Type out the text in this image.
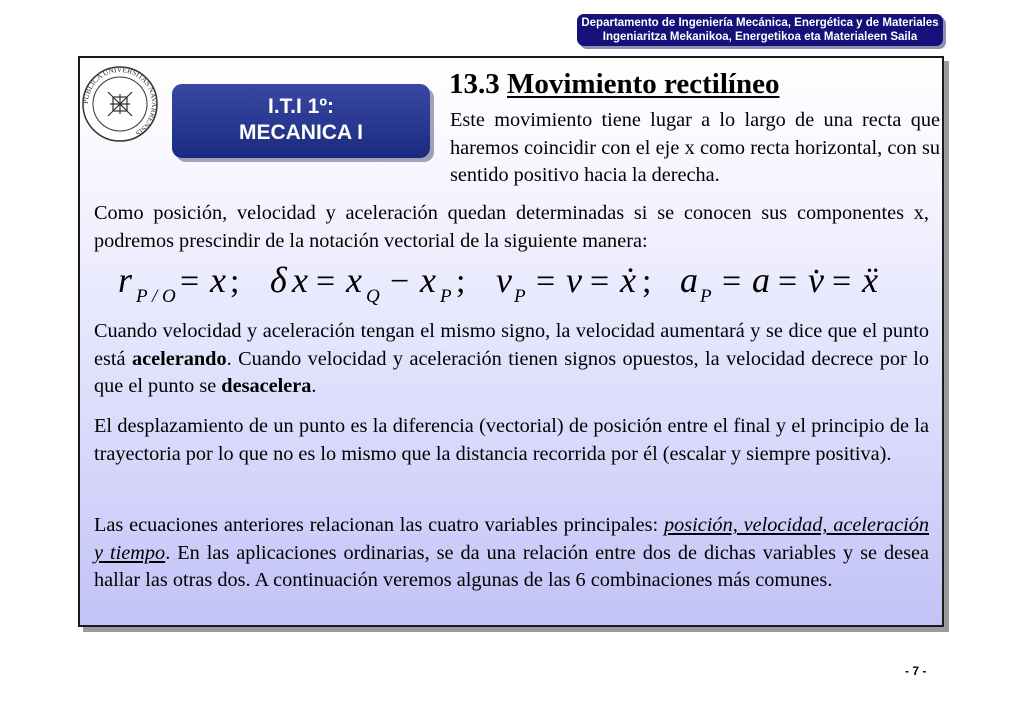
Departamento de Ingeniería Mecánica, Energética y de Materiales
Ingeniaritza Mekanikoa, Energetikoa eta Materialeen Saila
PUBLICA UNIVERSITAS NAVARRENSIS
I.T.I 1º:
MECANICA I
13.3 Movimiento rectilíneo
Este movimiento tiene lugar a lo largo de una recta que haremos coincidir con el eje x como recta horizontal, con su sentido positivo hacia la derecha.
Como posición, velocidad y aceleración quedan determinadas si se conocen sus componentes x, podremos prescindir de la notación vectorial de la siguiente manera:
r P / O = x ; δ x = x Q − x P ; v P = v = ẋ ; a P = a = v̇ = ẍ
Cuando velocidad y aceleración tengan el mismo signo, la velocidad aumentará y se dice que el punto está acelerando. Cuando velocidad y aceleración tienen signos opuestos, la velocidad decrece por lo que el punto se desacelera.
El desplazamiento de un punto es la diferencia (vectorial) de posición entre el final y el principio de la trayectoria por lo que no es lo mismo que la distancia recorrida por él (escalar y siempre positiva).
Las ecuaciones anteriores relacionan las cuatro variables principales: posición, velocidad, aceleración y tiempo. En las aplicaciones ordinarias, se da una relación entre dos de dichas variables y se desea hallar las otras dos. A continuación veremos algunas de las 6 combinaciones más comunes.
- 7 -
